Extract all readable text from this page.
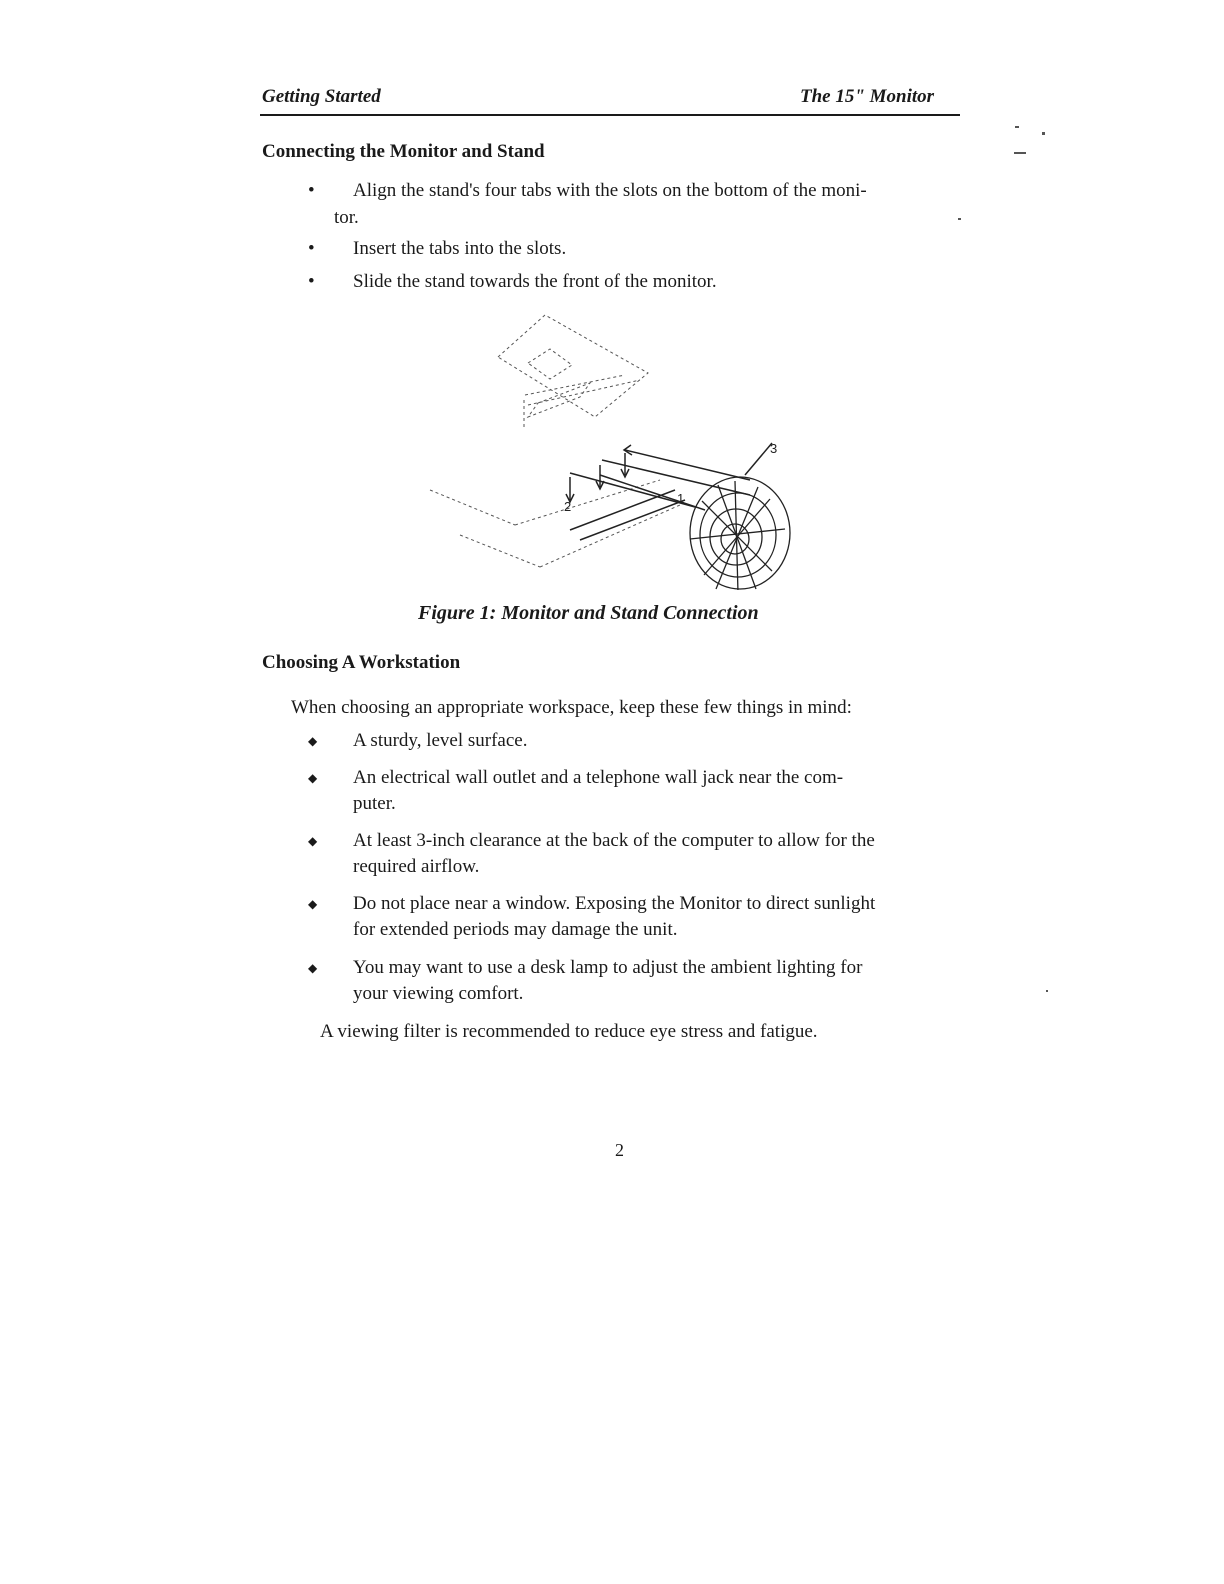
Getting Started	The 15" Monitor
Connecting the Monitor and Stand
•	Align the stand's four tabs with the slots on the bottom of the moni-
tor.
•	Insert the tabs into the slots.
•	Slide the stand towards the front of the monitor.
2
1
3
Figure 1: Monitor and Stand Connection
Choosing A Workstation
When choosing an appropriate workspace, keep these few things in mind:
◆	A sturdy, level surface.
◆	An electrical wall outlet and a telephone wall jack near the com-
puter.
◆	At least 3-inch clearance at the back of the computer to allow for the
required airflow.
◆	Do not place near a window. Exposing the Monitor to direct sunlight
for extended periods may damage the unit.
◆	You may want to use a desk lamp to adjust the ambient lighting for
your viewing comfort.
A viewing filter is recommended to reduce eye stress and fatigue.
2
